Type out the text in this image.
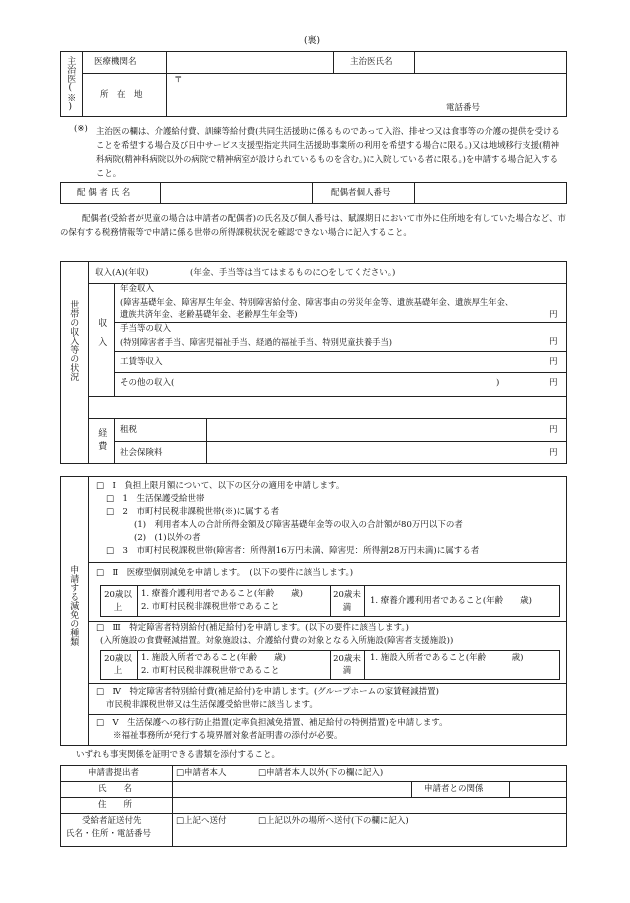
(裏)
主治医(※) 医療機関名	主治医氏名
所　在　地
〒
電話番号
(※) 主治医の欄は、介護給付費、訓練等給付費(共同生活援助に係るものであって入浴、排せつ又は食事等の介護の提供を受けることを希望する場合及び日中サービス支援型指定共同生活援助事業所の利用を希望する場合に限る。)又は地域移行支援(精神科病院(精神科病院以外の病院で精神病室が設けられているものを含む。)に入院している者に限る。)を申請する場合記入すること。
配 偶 者 氏 名	配偶者個人番号
配偶者(受給者が児童の場合は申請者の配偶者)の氏名及び個人番号は、賦課期日において市外に住所地を有していた場合など、市の保有する税務情報等で申請に係る世帯の所得課税状況を確認できない場合に記入すること。
世帯の収入等の状況
収入(A)(年収)	(年金、手当等は当てはまるものに○をしてください。)
収入
年金収入
(障害基礎年金、障害厚生年金、特別障害給付金、障害事由の労災年金等、遺族基礎年金、遺族厚生年金、遺族共済年金、老齢基礎年金、老齢厚生年金等)	円
手当等の収入
(特別障害者手当、障害児福祉手当、経過的福祉手当、特別児童扶養手当)	円
工賃等収入	円
その他の収入(	)	円
経費 租税	円
社会保険料	円
申請する減免の種類
□　Ⅰ　負担上限月額について、以下の区分の適用を申請します。
□　1　生活保護受給世帯
□　2　市町村民税非課税世帯(※)に属する者
(1)　利用者本人の合計所得金額及び障害基礎年金等の収入の合計額が80万円以下の者
(2)　(1)以外の者
□　3　市町村民税課税世帯(障害者：所得割16万円未満、障害児：所得割28万円未満)に属する者
□　Ⅱ　医療型個別減免を申請します。　(以下の要件に該当します。)
20歳以上
1. 療養介護利用者であること(年齢　　歳)
2. 市町村民税非課税世帯であること
20歳未満
1. 療養介護利用者であること(年齢　　歳)
□　Ⅲ　特定障害者特別給付(補足給付)を申請します。(以下の要件に該当します。)
(入所施設の食費軽減措置。対象施設は、介護給付費の対象となる入所施設(障害者支援施設))
20歳以上
1. 施設入所者であること(年齢　　歳)
2. 市町村民税非課税世帯であること
20歳未満
1. 施設入所者であること(年齢　　　歳)
□　Ⅳ　特定障害者特別給付費(補足給付)を申請します。(グループホームの家賃軽減措置)
市民税非課税世帯又は生活保護受給世帯に該当します。
□　Ⅴ　生活保護への移行防止措置(定率負担減免措置、補足給付の特例措置)を申請します。
※福祉事務所が発行する境界層対象者証明書の添付が必要。
いずれも事実関係を証明できる書類を添付すること。
申請書提出者	□申請者本人	□申請者本人以外(下の欄に記入)
氏　　名	申請者との関係
住　　所
受給者証送付先
氏名・住所・電話番号
□上記へ送付	□上記以外の場所へ送付(下の欄に記入)
